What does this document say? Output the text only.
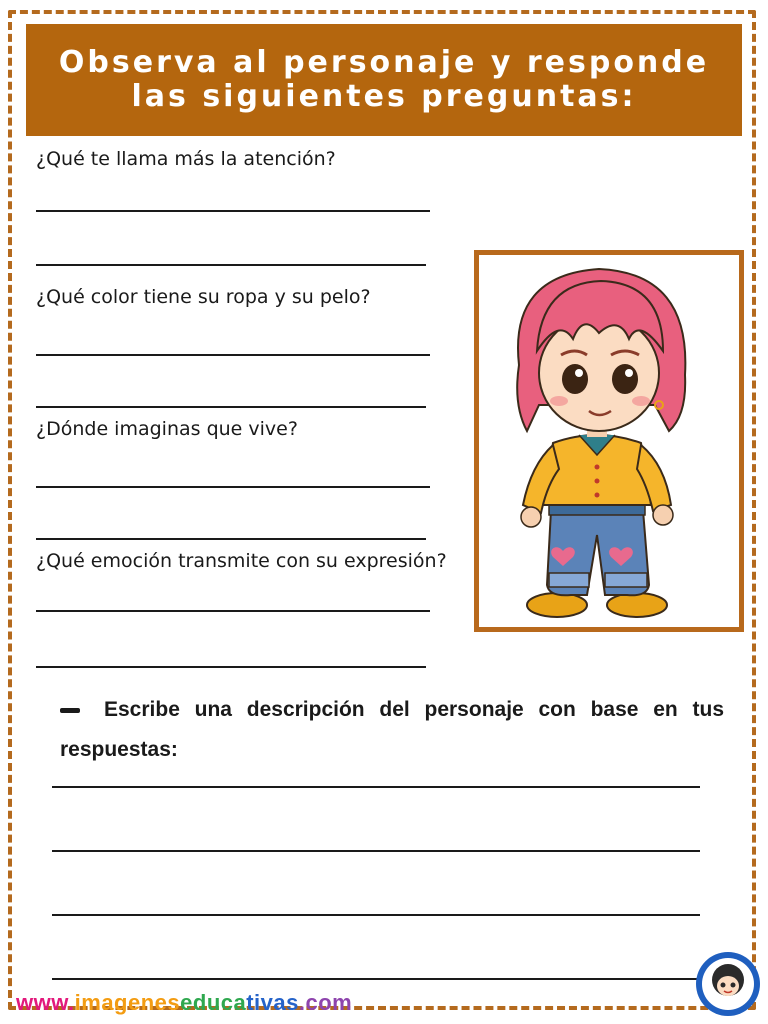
Observa al personaje y responde las siguientes preguntas:
¿Qué te llama más la atención?
¿Qué color tiene su ropa y su pelo?
¿Dónde imaginas que vive?
¿Qué emoción transmite con su expresión?
Escribe una descripción del personaje con base en tus respuestas:
www.imageneseducativas.com
